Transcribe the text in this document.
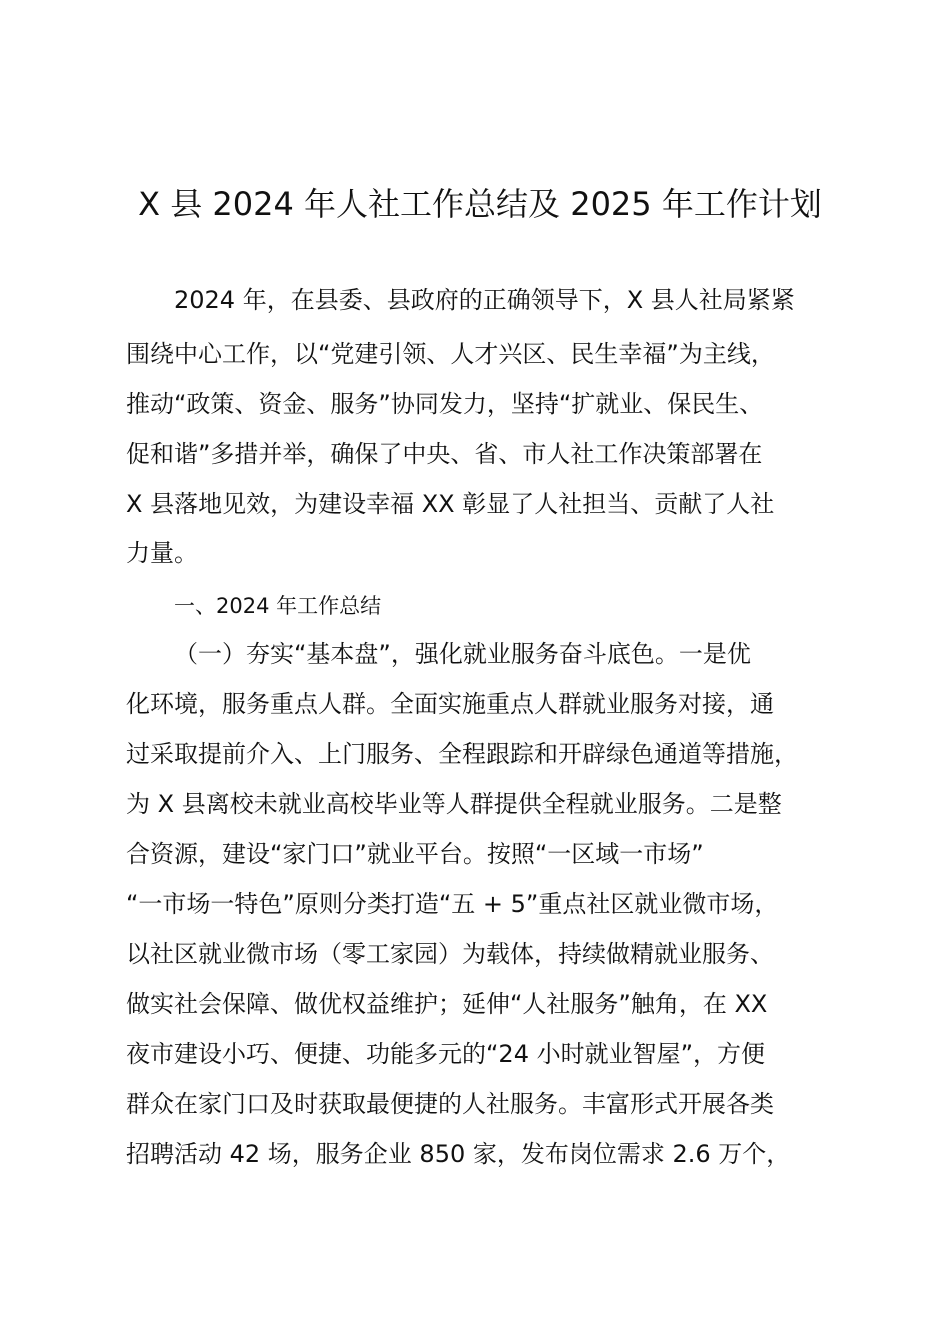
X 县 2024 年人社工作总结及 2025 年工作计划

2024 年，在县委、县政府的正确领导下，X 县人社局紧紧

围绕中心工作，以“党建引领、人才兴区、民生幸福”为主线，

推动“政策、资金、服务”协同发力，坚持“扩就业、保民生、

促和谐”多措并举，确保了中央、省、市人社工作决策部署在

X 县落地见效，为建设幸福 XX 彰显了人社担当、贡献了人社

力量。

一、2024 年工作总结

（一）夯实“基本盘”，强化就业服务奋斗底色。一是优

化环境，服务重点人群。全面实施重点人群就业服务对接，通

过采取提前介入、上门服务、全程跟踪和开辟绿色通道等措施，

为 X 县离校未就业高校毕业等人群提供全程就业服务。二是整

合资源，建设“家门口”就业平台。按照“一区域一市场”

“一市场一特色”原则分类打造“五 + 5”重点社区就业微市场，

以社区就业微市场（零工家园）为载体，持续做精就业服务、

做实社会保障、做优权益维护；延伸“人社服务”触角，在 XX

夜市建设小巧、便捷、功能多元的“24 小时就业智屋”，方便

群众在家门口及时获取最便捷的人社服务。丰富形式开展各类

招聘活动 42 场，服务企业 850 家，发布岗位需求 2.6 万个，
